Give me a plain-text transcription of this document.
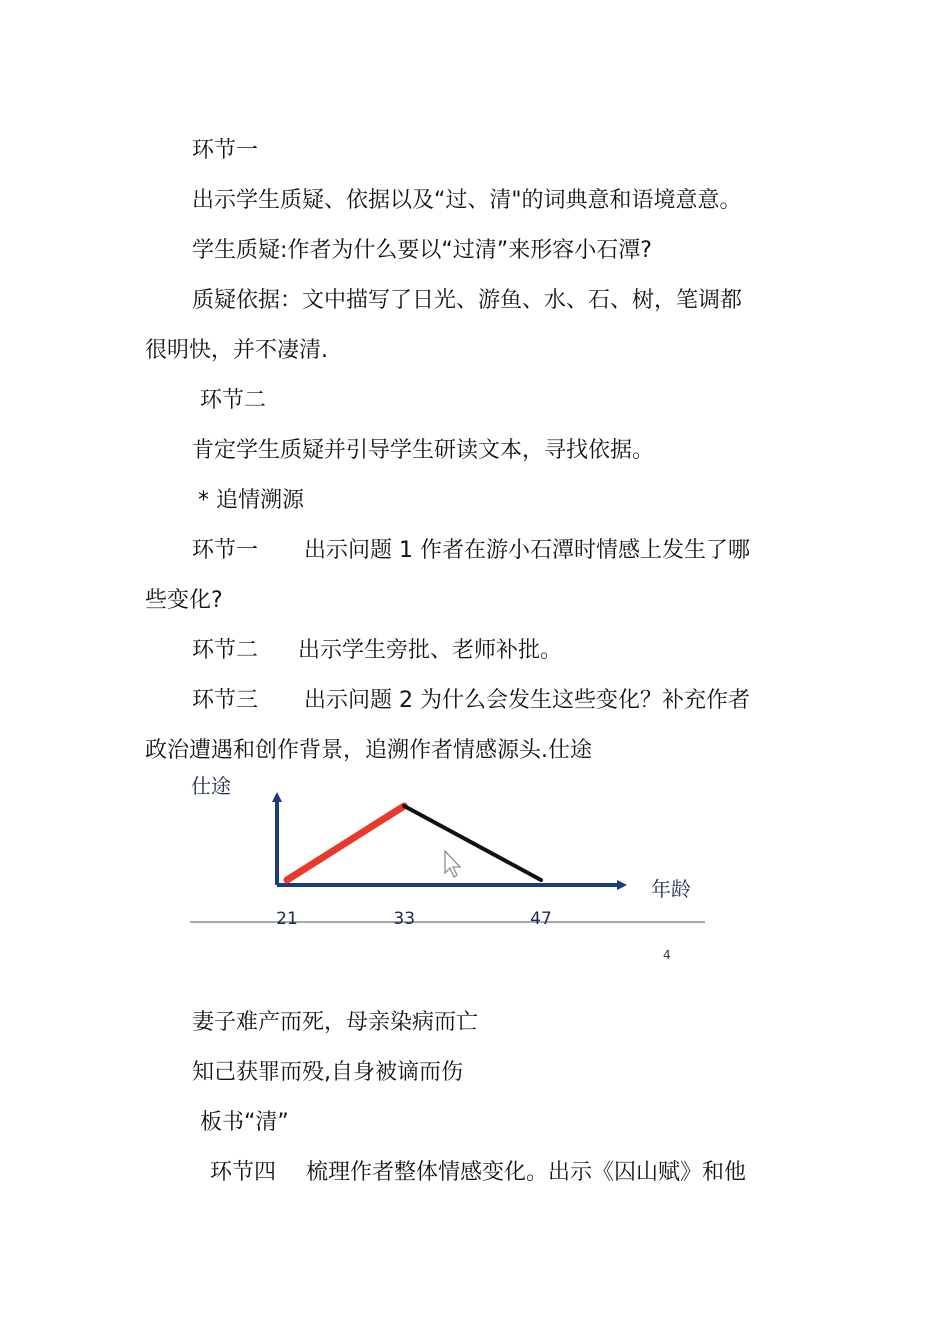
环节一
出示学生质疑、依据以及“过、清"的词典意和语境意意。
学生质疑:作者为什么要以“过清”来形容小石潭?
质疑依据：文中描写了日光、游鱼、水、石、树，笔调都
很明快，并不凄清.
环节二
肯定学生质疑并引导学生研读文本，寻找依据。
* 追情溯源
环节一 出示问题 1 作者在游小石潭时情感上发生了哪
些变化?
环节二 出示学生旁批、老师补批。
环节三 出示问题 2 为什么会发生这些变化？补充作者
政治遭遇和创作背景，追溯作者情感源头.仕途
仕途
年龄
21	33	47
4
妻子难产而死，母亲染病而亡
知己获罪而殁,自身被谪而伤
板书“清”
环节四 梳理作者整体情感变化。出示《囚山赋》和他
